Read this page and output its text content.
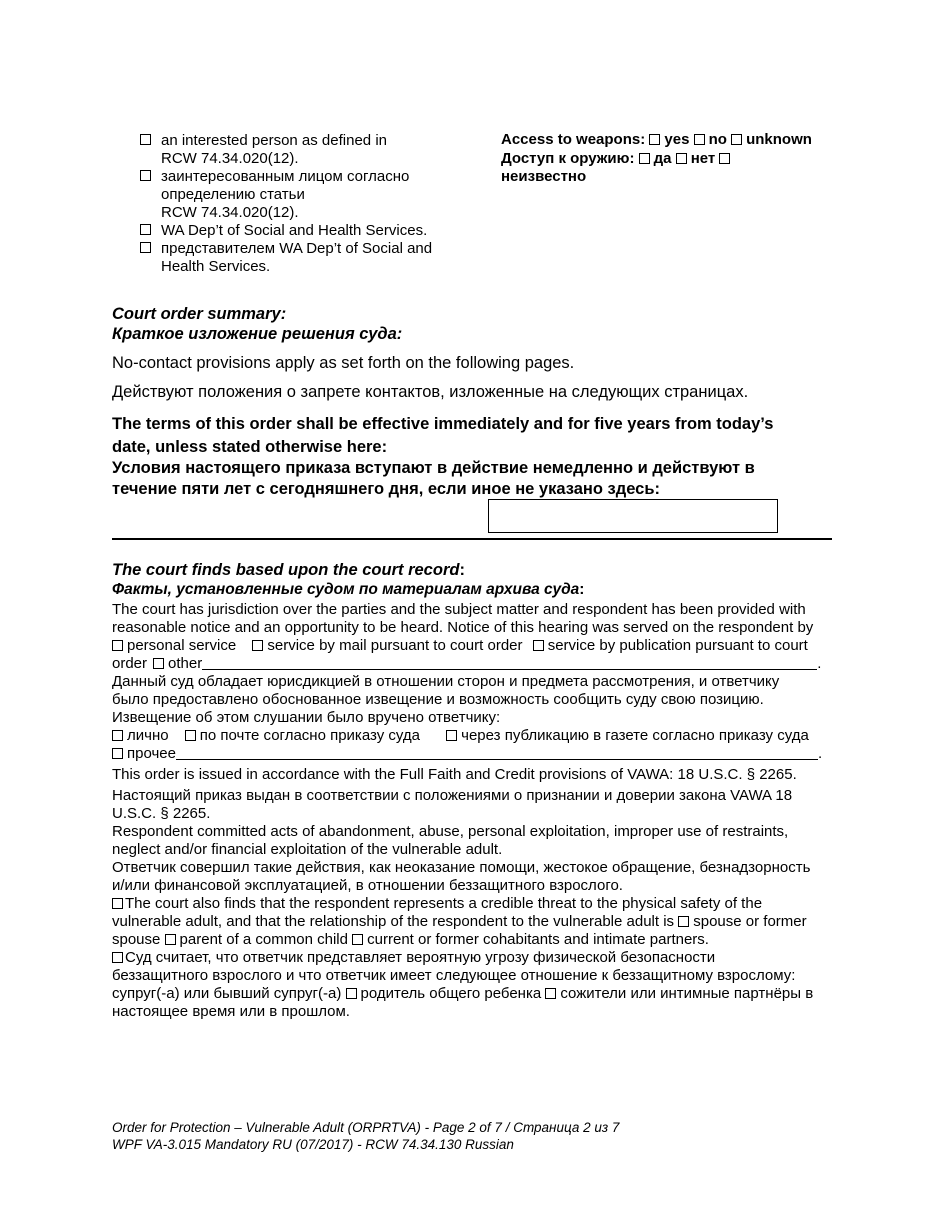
an interested person as defined in
RCW 74.34.020(12).
заинтересованным лицом согласно
определению статьи
RCW 74.34.020(12).
WA Dep’t of Social and Health Services.
представителем WA Dep’t of Social and
Health Services.
Access to weapons: yes no unknown
Доступ к оружию: да нет
неизвестно
Court order summary:
Краткое изложение решения суда:
No-contact provisions apply as set forth on the following pages.
Действуют положения о запрете контактов, изложенные на следующих страницах.
The terms of this order shall be effective immediately and for five years from today’s
date, unless stated otherwise here:
Условия настоящего приказа вступают в действие немедленно и действуют в
течение пяти лет с сегодняшнего дня, если иное не указано здесь:
The court finds based upon the court record:
Факты, установленные судом по материалам архива суда:
The court has jurisdiction over the parties and the subject matter and respondent has been provided with
reasonable notice and an opportunity to be heard. Notice of this hearing was served on the respondent by
personal service service by mail pursuant to court order service by publication pursuant to court
order other	.
Данный суд обладает юрисдикцией в отношении сторон и предмета рассмотрения, и ответчику
было предоставлено обоснованное извещение и возможность сообщить суду свою позицию.
Извещение об этом слушании было вручено ответчику:
лично по почте согласно приказу суда	через публикацию в газете согласно приказу суда
прочее	.
This order is issued in accordance with the Full Faith and Credit provisions of VAWA: 18 U.S.C. § 2265.
Настоящий приказ выдан в соответствии с положениями о признании и доверии закона VAWA 18
U.S.C. § 2265.
Respondent committed acts of abandonment, abuse, personal exploitation, improper use of restraints,
neglect and/or financial exploitation of the vulnerable adult.
Ответчик совершил такие действия, как неоказание помощи, жестокое обращение, безнадзорность
и/или финансовой эксплуатацией, в отношении беззащитного взрослого.
The court also finds that the respondent represents a credible threat to the physical safety of the
vulnerable adult, and that the relationship of the respondent to the vulnerable adult is spouse or former
spouse parent of a common child current or former cohabitants and intimate partners.
Суд считает, что ответчик представляет вероятную угрозу физической безопасности
беззащитного взрослого и что ответчик имеет следующее отношение к беззащитному взрослому:
супруг(-а) или бывший супруг(-а) родитель общего ребенка сожители или интимные партнёры в
настоящее время или в прошлом.
Order for Protection – Vulnerable Adult (ORPRTVA) - Page 2 of 7 / Страница 2 из 7
WPF VA-3.015 Mandatory RU (07/2017) - RCW 74.34.130 Russian
